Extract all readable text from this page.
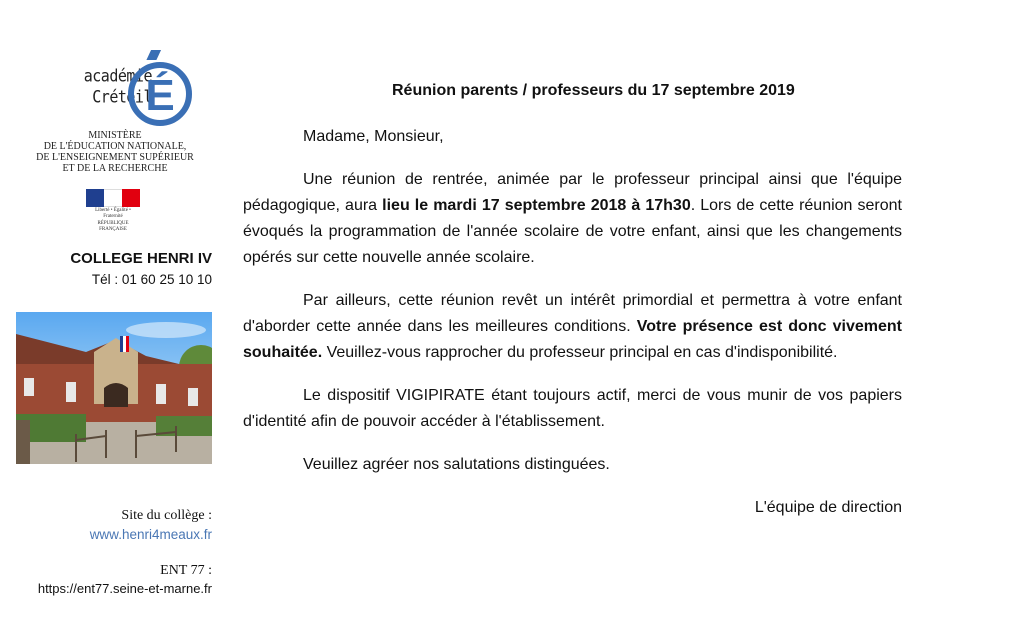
académie
Créteil
É
MINISTÈRE
DE L'ÉDUCATION NATIONALE,
DE L'ENSEIGNEMENT SUPÉRIEUR
ET DE LA RECHERCHE
Liberté • Égalité • Fraternité
RÉPUBLIQUE FRANÇAISE
COLLEGE HENRI IV
Tél : 01 60 25 10 10
Site du collège :
www.henri4meaux.fr
ENT 77 :
https://ent77.seine-et-marne.fr
Réunion parents / professeurs du 17 septembre 2019

Madame, Monsieur,

Une réunion de rentrée, animée par le professeur principal ainsi que l'équipe pédagogique, aura lieu le mardi 17 septembre 2018 à 17h30. Lors de cette réunion seront évoqués la programmation de l'année scolaire de votre enfant, ainsi que les changements opérés sur cette nouvelle année scolaire.

Par ailleurs, cette réunion revêt un intérêt primordial et permettra à votre enfant d'aborder cette année dans les meilleures conditions. Votre présence est donc vivement souhaitée. Veuillez-vous rapprocher du professeur principal en cas d'indisponibilité.

Le dispositif VIGIPIRATE étant toujours actif, merci de vous munir de vos papiers d'identité afin de pouvoir accéder à l'établissement.

Veuillez agréer nos salutations distinguées.

L'équipe de direction
